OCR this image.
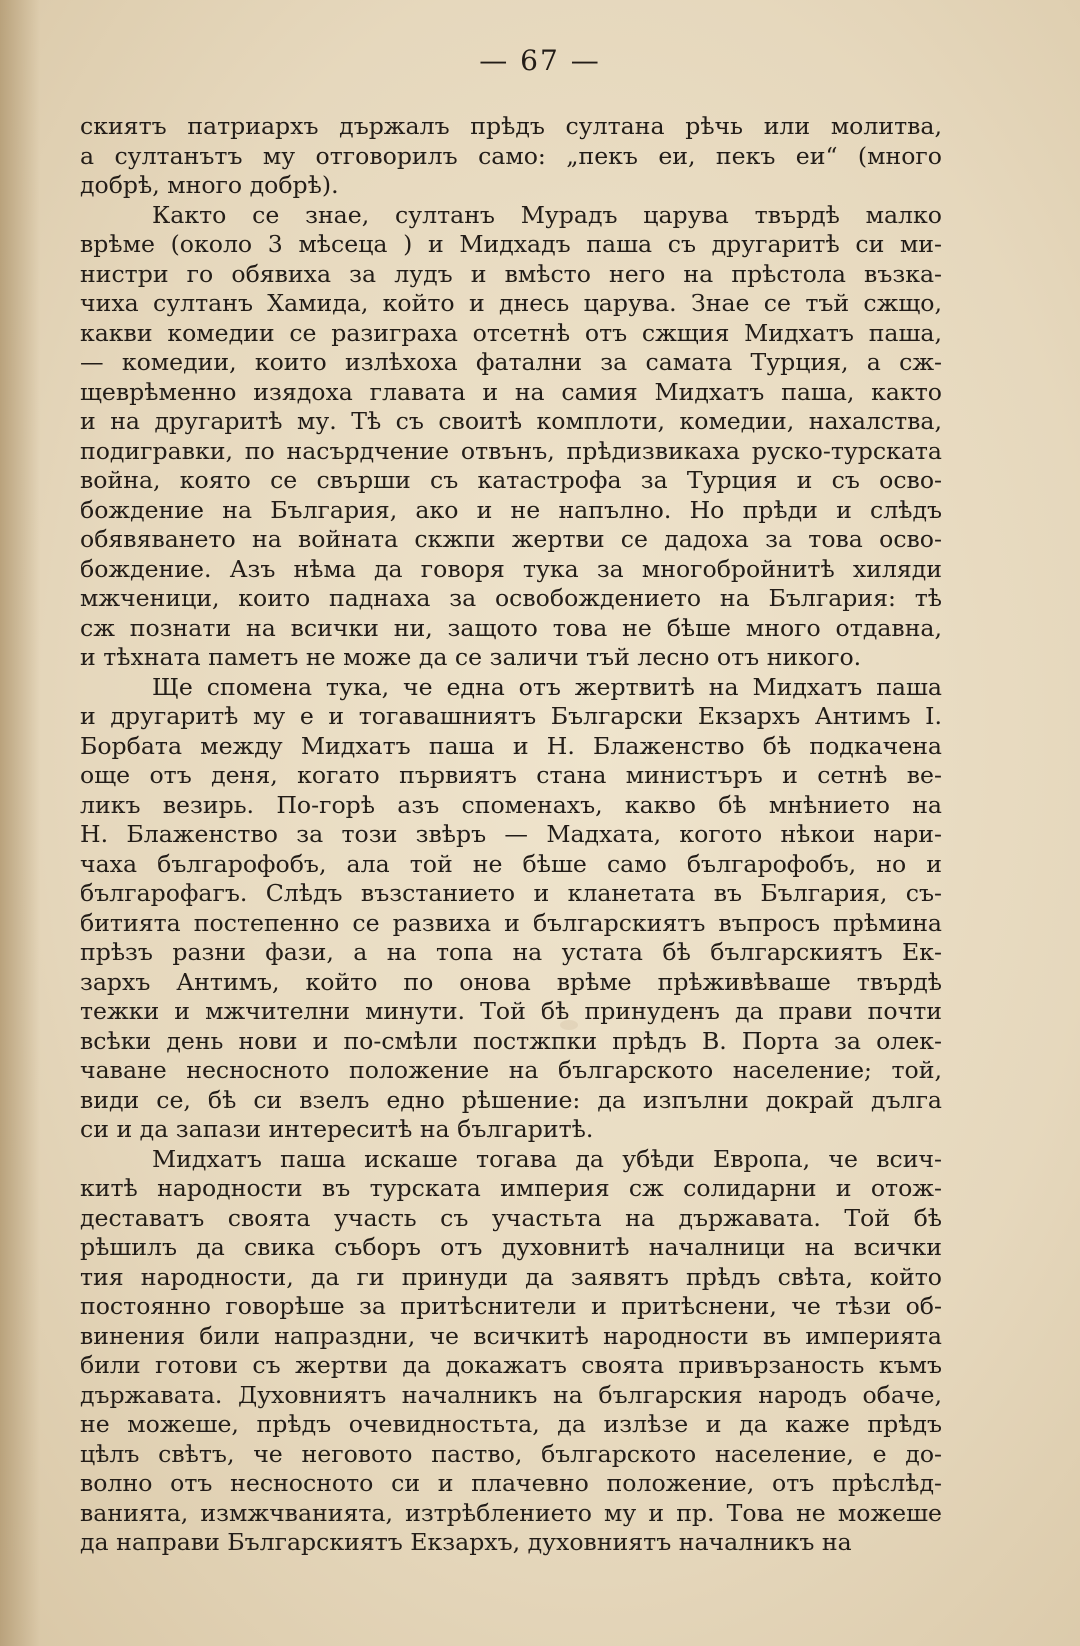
— 67 —
скиятъ патриархъ държалъ прѣдъ султана рѣчь или молитва,
а султанътъ му отговорилъ само: „пекъ еи, пекъ еи“ (много
добрѣ, много добрѣ).
Както се знае, султанъ Мурадъ царува твърдѣ малко
врѣме (около 3 мѣсеца ) и Мидхадъ паша съ другаритѣ си ми-
нистри го обявиха за лудъ и вмѣсто него на прѣстола възка-
чиха султанъ Хамида, който и днесь царува. Знае се тъй сжщо,
какви комедии се разиграха отсетнѣ отъ сжщия Мидхатъ паша,
— комедии, които излѣхоха фатални за самата Турция, а сж-
щеврѣменно изядоха главата и на самия Мидхатъ паша, както
и на другаритѣ му. Тѣ съ своитѣ комплоти, комедии, нахалства,
подигравки, по насърдчение отвънъ, прѣдизвикаха руско-турската
война, която се свърши съ катастрофа за Турция и съ осво-
бождение на България, ако и не напълно. Но прѣди и слѣдъ
обявяването на войната скжпи жертви се дадоха за това осво-
бождение. Азъ нѣма да говоря тука за многобройнитѣ хиляди
мжченици, които паднаха за освобождението на България: тѣ
сж познати на всички ни, защото това не бѣше много отдавна,
и тѣхната паметъ не може да се заличи тъй лесно отъ никого.
Ще спомена тука, че една отъ жертвитѣ на Мидхатъ паша
и другаритѣ му е и тогавашниятъ Български Екзархъ Антимъ I.
Борбата между Мидхатъ паша и Н. Блаженство бѣ подкачена
още отъ деня, когато първиятъ стана министъръ и сетнѣ ве-
ликъ везирь. По-горѣ азъ споменахъ, какво бѣ мнѣнието на
Н. Блаженство за този звѣръ — Мадхата, когото нѣкои нари-
чаха българофобъ, ала той не бѣше само българофобъ, но и
българофагъ. Слѣдъ възстанието и кланетата въ България, съ-
битията постепенно се развиха и българскиятъ въпросъ прѣмина
прѣзъ разни фази, а на топа на устата бѣ българскиятъ Ек-
зархъ Антимъ, който по онова врѣме прѣживѣваше твърдѣ
тежки и мжчителни минути. Той бѣ принуденъ да прави почти
всѣки день нови и по-смѣли постжпки прѣдъ В. Порта за олек-
чаване несносното положение на българското население; той,
види се, бѣ си взелъ едно рѣшение: да изпълни докрай дълга
си и да запази интереситѣ на българитѣ.
Мидхатъ паша искаше тогава да убѣди Европа, че всич-
китѣ народности въ турската империя сж солидарни и отож-
деставатъ своята участь съ участьта на държавата. Той бѣ
рѣшилъ да свика съборъ отъ духовнитѣ началници на всички
тия народности, да ги принуди да заявятъ прѣдъ свѣта, който
постоянно говорѣше за притѣснители и притѣснени, че тѣзи об-
винения били напраздни, че всичкитѣ народности въ империята
били готови съ жертви да докажатъ своята привързаность къмъ
държавата. Духовниятъ началникъ на българския народъ обаче,
не можеше, прѣдъ очевидностьта, да излѣзе и да каже прѣдъ
цѣлъ свѣтъ, че неговото паство, българското население, е до-
волно отъ несносното си и плачевно положение, отъ прѣслѣд-
ванията, измжчванията, изтрѣблението му и пр. Това не можеше
да направи Българскиятъ Екзархъ, духовниятъ началникъ на
